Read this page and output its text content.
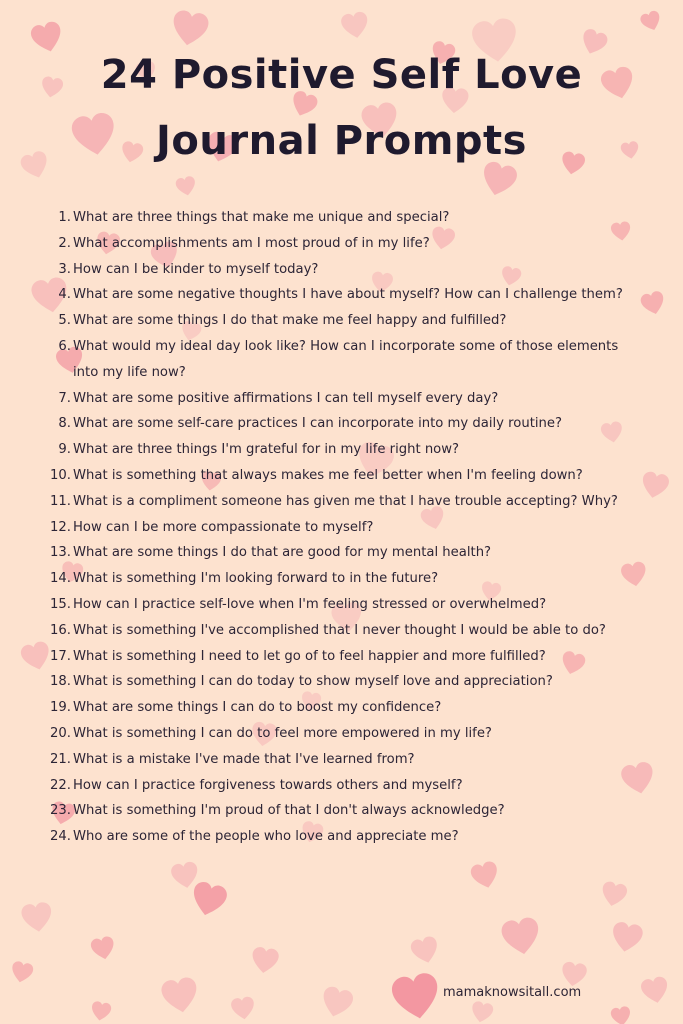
24 Positive Self Love
Journal Prompts
1. What are three things that make me unique and special?
2. What accomplishments am I most proud of in my life?
3. How can I be kinder to myself today?
4. What are some negative thoughts I have about myself? How can I challenge them?
5. What are some things I do that make me feel happy and fulfilled?
6. What would my ideal day look like? How can I incorporate some of those elements into my life now?
7. What are some positive affirmations I can tell myself every day?
8. What are some self-care practices I can incorporate into my daily routine?
9. What are three things I'm grateful for in my life right now?
10. What is something that always makes me feel better when I'm feeling down?
11. What is a compliment someone has given me that I have trouble accepting? Why?
12. How can I be more compassionate to myself?
13. What are some things I do that are good for my mental health?
14. What is something I'm looking forward to in the future?
15. How can I practice self-love when I'm feeling stressed or overwhelmed?
16. What is something I've accomplished that I never thought I would be able to do?
17. What is something I need to let go of to feel happier and more fulfilled?
18. What is something I can do today to show myself love and appreciation?
19. What are some things I can do to boost my confidence?
20. What is something I can do to feel more empowered in my life?
21. What is a mistake I've made that I've learned from?
22. How can I practice forgiveness towards others and myself?
23. What is something I'm proud of that I don't always acknowledge?
24. Who are some of the people who love and appreciate me?
mamaknowsitall.com
